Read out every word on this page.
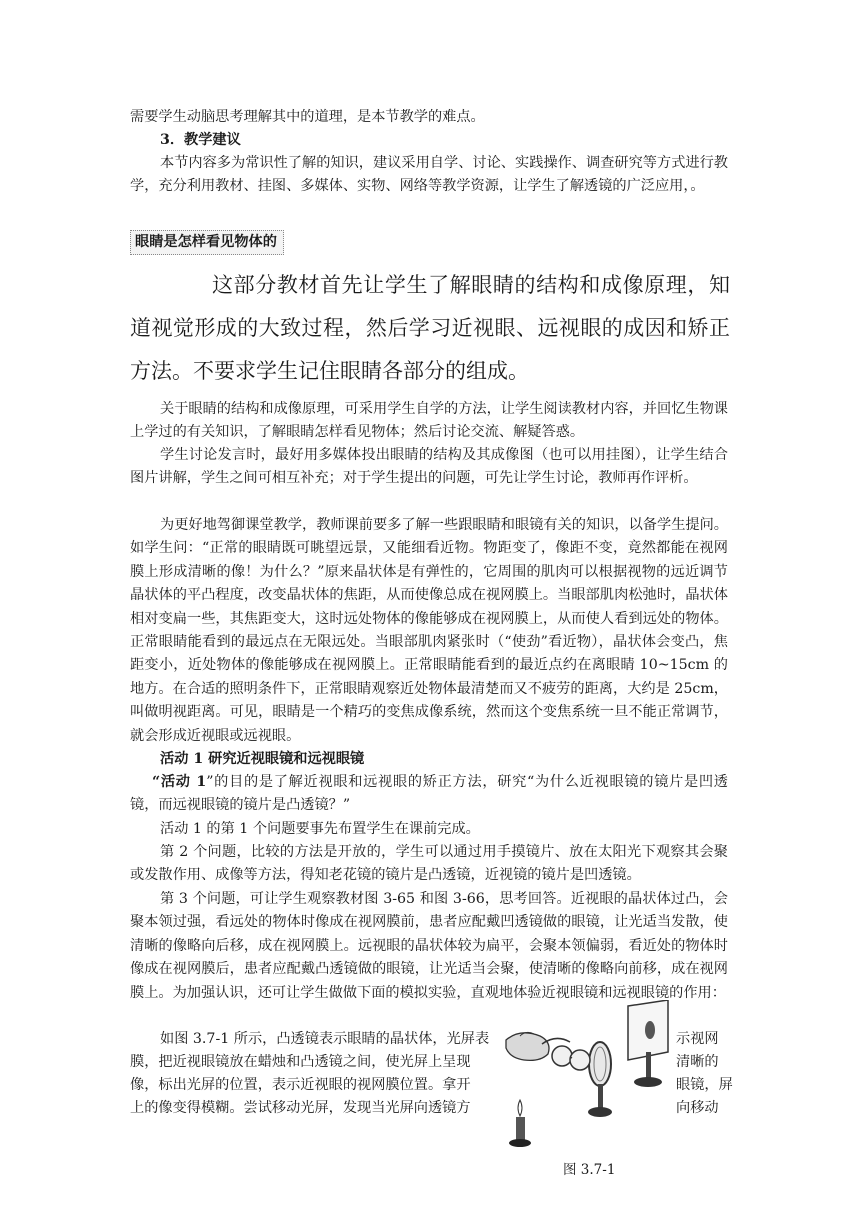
需要学生动脑思考理解其中的道理，是本节教学的难点。

3．教学建议

本节内容多为常识性了解的知识，建议采用自学、讨论、实践操作、调查研究等方式进行教学，充分利用教材、挂图、多媒体、实物、网络等教学资源，让学生了解透镜的广泛应用，。

眼睛是怎样看见物体的

这部分教材首先让学生了解眼睛的结构和成像原理，知道视觉形成的大致过程，然后学习近视眼、远视眼的成因和矫正方法。不要求学生记住眼睛各部分的组成。

关于眼睛的结构和成像原理，可采用学生自学的方法，让学生阅读教材内容，并回忆生物课上学过的有关知识，了解眼睛怎样看见物体；然后讨论交流、解疑答惑。

学生讨论发言时，最好用多媒体投出眼睛的结构及其成像图（也可以用挂图），让学生结合图片讲解，学生之间可相互补充；对于学生提出的问题，可先让学生讨论，教师再作评析。

为更好地驾御课堂教学，教师课前要多了解一些跟眼睛和眼镜有关的知识，以备学生提问。如学生问：“正常的眼睛既可眺望远景，又能细看近物。物距变了，像距不变，竟然都能在视网膜上形成清晰的像！为什么？”原来晶状体是有弹性的，它周围的肌肉可以根据视物的远近调节晶状体的平凸程度，改变晶状体的焦距，从而使像总成在视网膜上。当眼部肌肉松弛时，晶状体相对变扁一些，其焦距变大，这时远处物体的像能够成在视网膜上，从而使人看到远处的物体。正常眼睛能看到的最远点在无限远处。当眼部肌肉紧张时（“使劲”看近物），晶状体会变凸，焦距变小，近处物体的像能够成在视网膜上。正常眼睛能看到的最近点约在离眼睛 10~15cm 的地方。在合适的照明条件下，正常眼睛观察近处物体最清楚而又不疲劳的距离，大约是 25cm，叫做明视距离。可见，眼睛是一个精巧的变焦成像系统，然而这个变焦系统一旦不能正常调节，就会形成近视眼或远视眼。

活动 1 研究近视眼镜和远视眼镜

“活动 1”的目的是了解近视眼和远视眼的矫正方法，研究“为什么近视眼镜的镜片是凹透镜，而远视眼镜的镜片是凸透镜？”

活动 1 的第 1 个问题要事先布置学生在课前完成。

第 2 个问题，比较的方法是开放的，学生可以通过用手摸镜片、放在太阳光下观察其会聚或发散作用、成像等方法，得知老花镜的镜片是凸透镜，近视镜的镜片是凹透镜。

第 3 个问题，可让学生观察教材图 3-65 和图 3-66，思考回答。近视眼的晶状体过凸，会聚本领过强，看远处的物体时像成在视网膜前，患者应配戴凹透镜做的眼镜，让光适当发散，使清晰的像略向后移，成在视网膜上。远视眼的晶状体较为扁平，会聚本领偏弱，看近处的物体时像成在视网膜后，患者应配戴凸透镜做的眼镜，让光适当会聚，使清晰的像略向前移，成在视网膜上。为加强认识，还可让学生做做下面的模拟实验，直观地体验近视眼镜和远视眼镜的作用：

如图 3.7-1 所示，凸透镜表示眼睛的晶状体，光屏表

膜，把近视眼镜放在蜡烛和凸透镜之间，使光屏上呈现

像，标出光屏的位置，表示近视眼的视网膜位置。拿开

上的像变得模糊。尝试移动光屏，发现当光屏向透镜方

示视网

清晰的

眼镜，屏

向移动

图 3.7-1
